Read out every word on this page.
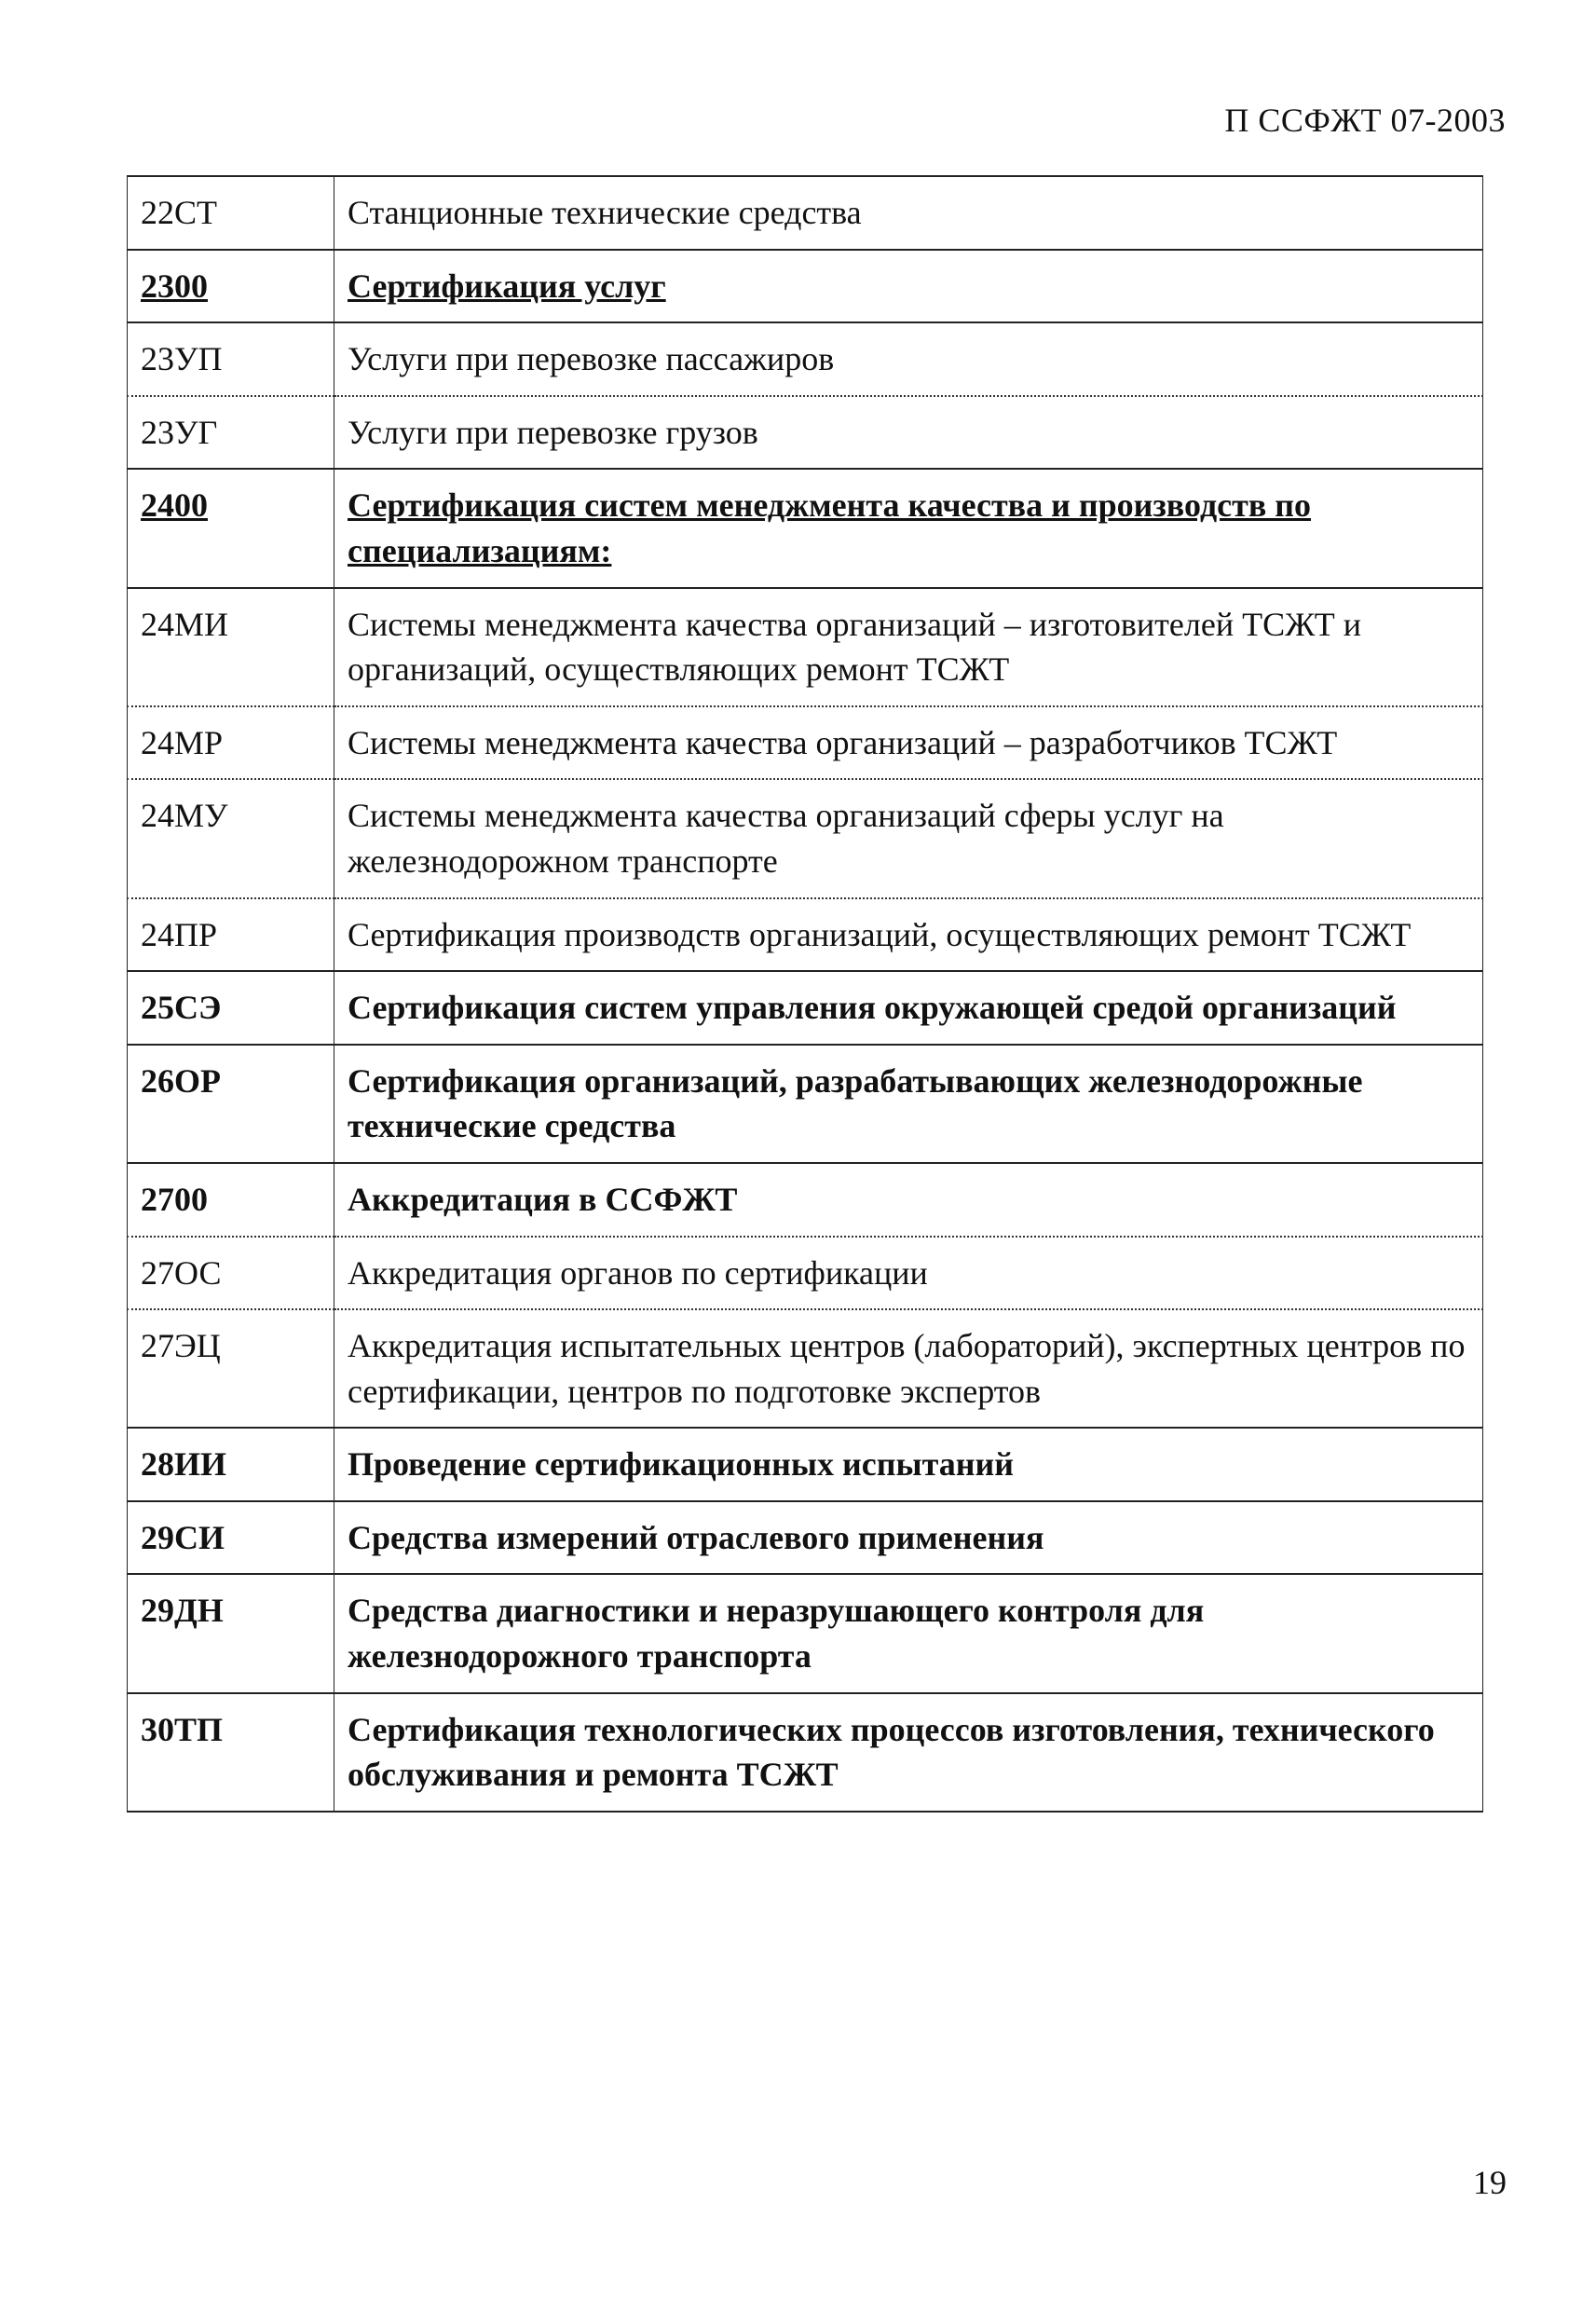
П ССФЖТ 07-2003
22СТ	Станционные технические средства
2300	Сертификация услуг
23УП	Услуги при перевозке пассажиров
23УГ	Услуги при перевозке грузов
2400	Сертификация систем менеджмента качества и производств по специализациям:
24МИ	Системы менеджмента качества организаций – изготовителей ТСЖТ и организаций, осуществляющих ремонт ТСЖТ
24МР	Системы менеджмента качества организаций – разработчиков ТСЖТ
24МУ	Системы менеджмента качества организаций сферы услуг на железнодорожном транспорте
24ПР	Сертификация производств организаций, осуществляющих ремонт ТСЖТ
25СЭ	Сертификация систем управления окружающей средой организаций
26ОР	Сертификация организаций, разрабатывающих железнодорожные технические средства
2700	Аккредитация в ССФЖТ
27ОС	Аккредитация органов по сертификации
27ЭЦ	Аккредитация испытательных центров (лабораторий), экспертных центров по сертификации, центров по подготовке экспертов
28ИИ	Проведение сертификационных испытаний
29СИ	Средства измерений отраслевого применения
29ДН	Средства диагностики и неразрушающего контроля для железнодорожного транспорта
30ТП	Сертификация технологических процессов изготовления, технического обслуживания и ремонта ТСЖТ
19
